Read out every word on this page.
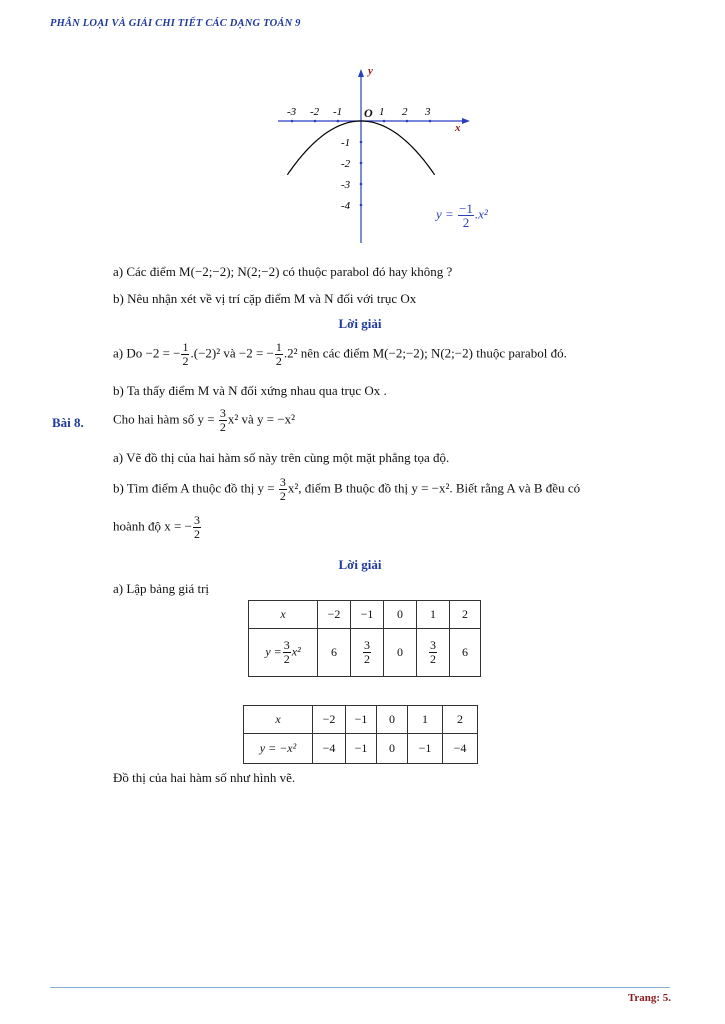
PHÂN LOẠI VÀ GIẢI CHI TIẾT CÁC DẠNG TOÁN 9
-3 -2 -1	1 2 3
-1
-2
-3
-4
y
x
O
$y = \frac{-1}{2} .x^2$
a) Các điểm M(−2;−2); N(2;−2) có thuộc parabol đó hay không ?
b) Nêu nhận xét về vị trí cặp điểm M và N đối với trục Ox
Lời giải
a) Do −2 = − $\frac{1}{2} .(-2)^2$ và −2 = − $\frac{1}{2} .2^2$ nên các điểm M(−2;−2); N(2;−2) thuộc parabol đó.
b) Ta thấy điểm M và N đối xứng nhau qua trục Ox .
Bài 8. Cho hai hàm số $y = \frac{3}{2} x^2$ và y = −x²
a) Vẽ đồ thị của hai hàm số này trên cùng một mặt phẳng tọa độ.
b) Tìm điểm A thuộc đồ thị $y = \frac{3}{2} x^2$, điểm B thuộc đồ thị y = −x². Biết rằng A và B đều có
hoành độ x = − $\frac{3}{2}$
Lời giải
a) Lập bảng giá trị
x	−2	−1	0	1	2
$y = \frac{3}{2} x^2$	6	$\frac{3}{2}$	0	$\frac{3}{2}$	6
x	−2	−1	0	1	2
y = −x²	−4	−1	0	−1	−4
Đồ thị của hai hàm số như hình vẽ.
Trang: 5.
